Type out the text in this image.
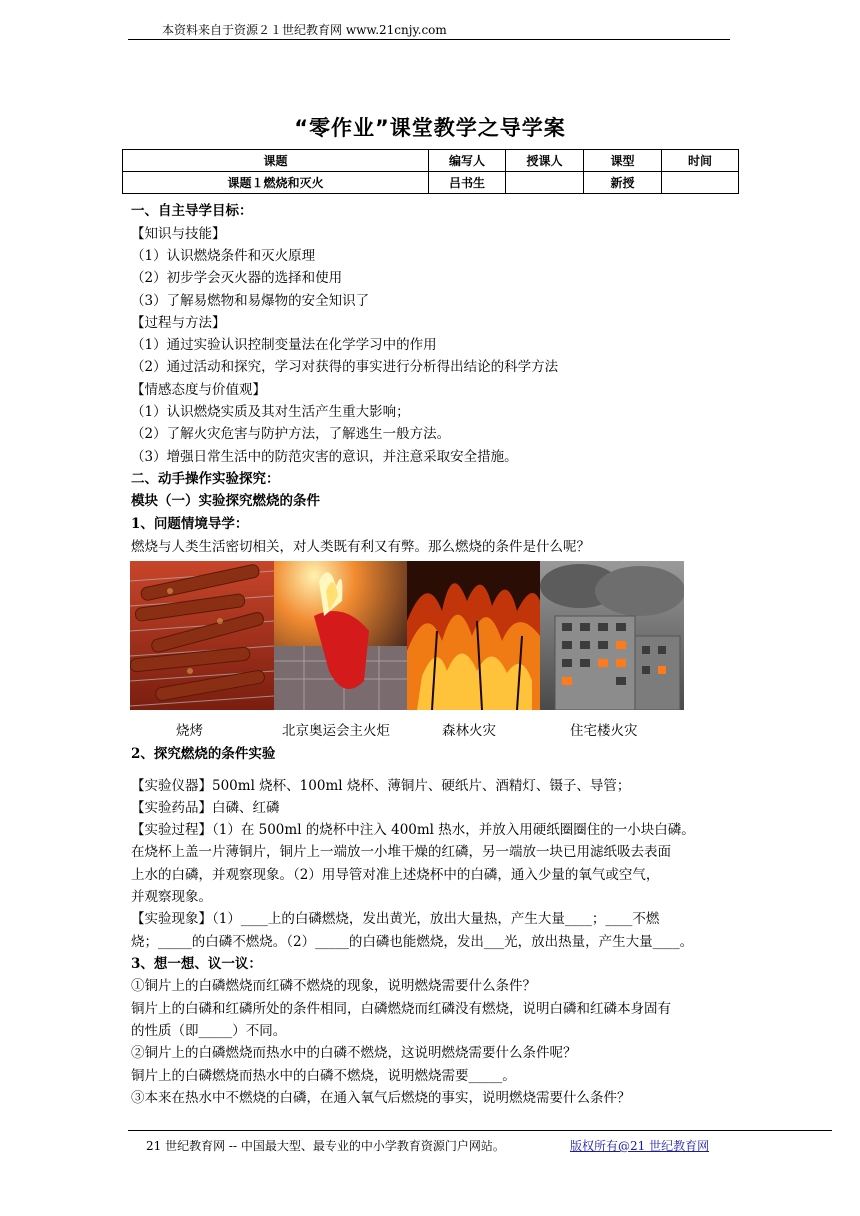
本资料来自于资源２１世纪教育网 www.21cnjy.com
“零作业”课堂教学之导学案
课题	编写人	授课人	课型	时间
课题１燃烧和灭火	吕书生		新授	
一、自主导学目标：
【知识与技能】
（1）认识燃烧条件和灭火原理
（2）初步学会灭火器的选择和使用
（3）了解易燃物和易爆物的安全知识了
【过程与方法】
（1）通过实验认识控制变量法在化学学习中的作用
（2）通过活动和探究，学习对获得的事实进行分析得出结论的科学方法
【情感态度与价值观】
（1）认识燃烧实质及其对生活产生重大影响；
（2）了解火灾危害与防护方法，了解逃生一般方法。
（3）增强日常生活中的防范灾害的意识，并注意采取安全措施。
二、动手操作实验探究：
模块（一）实验探究燃烧的条件
1、问题情境导学：
燃烧与人类生活密切相关，对人类既有利又有弊。那么燃烧的条件是什么呢？
烧烤	北京奥运会主火炬	森林火灾	住宅楼火灾
2、探究燃烧的条件实验
【实验仪器】500ml 烧杯、100ml 烧杯、薄铜片、硬纸片、酒精灯、镊子、导管；
【实验药品】白磷、红磷
【实验过程】（1）在 500ml 的烧杯中注入 400ml 热水，并放入用硬纸圈圈住的一小块白磷。
在烧杯上盖一片薄铜片，铜片上一端放一小堆干燥的红磷，另一端放一块已用滤纸吸去表面
上水的白磷，并观察现象。（2）用导管对准上述烧杯中的白磷，通入少量的氧气或空气，
并观察现象。
【实验现象】（1）____上的白磷燃烧，发出黄光，放出大量热，产生大量____；____不燃
烧；_____的白磷不燃烧。（2）_____的白磷也能燃烧，发出___光，放出热量，产生大量____。
3、想一想、议一议：
①铜片上的白磷燃烧而红磷不燃烧的现象，说明燃烧需要什么条件？
铜片上的白磷和红磷所处的条件相同，白磷燃烧而红磷没有燃烧，说明白磷和红磷本身固有
的性质（即_____）不同。
②铜片上的白磷燃烧而热水中的白磷不燃烧，这说明燃烧需要什么条件呢？
铜片上的白磷燃烧而热水中的白磷不燃烧，说明燃烧需要_____。
③本来在热水中不燃烧的白磷，在通入氧气后燃烧的事实，说明燃烧需要什么条件？
21 世纪教育网 -- 中国最大型、最专业的中小学教育资源门户网站。	版权所有@21 世纪教育网
